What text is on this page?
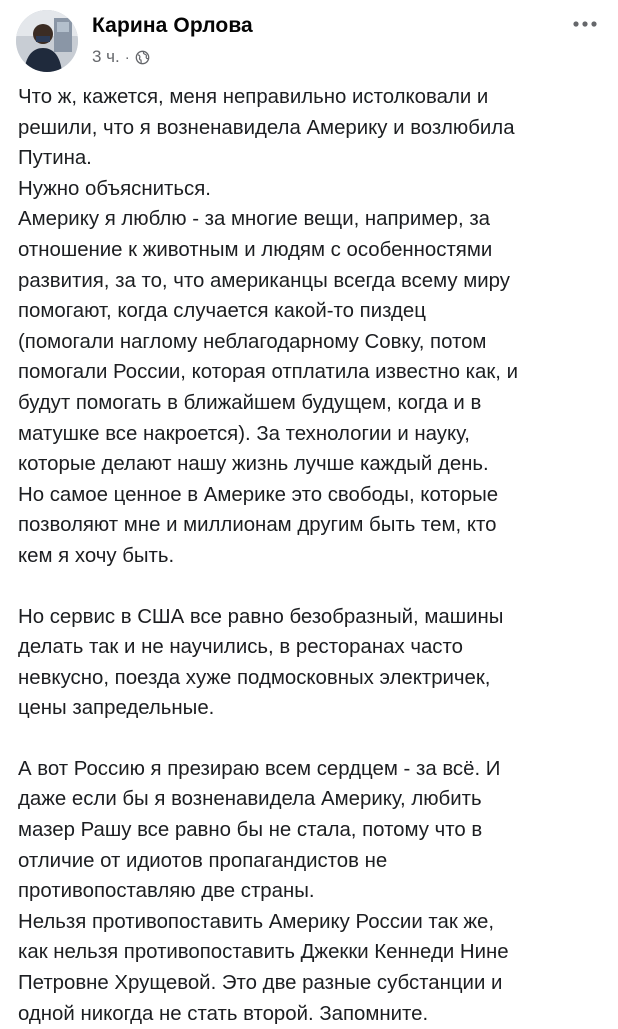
Карина Орлова
3 ч. ·

Что ж, кажется, меня неправильно истолковали и
решили, что я возненавидела Америку и возлюбила
Путина.
Нужно объясниться.
Америку я люблю - за многие вещи, например, за
отношение к животным и людям с особенностями
развития, за то, что американцы всегда всему миру
помогают, когда случается какой-то пиздец
(помогали наглому неблагодарному Совку, потом
помогали России, которая отплатила известно как, и
будут помогать в ближайшем будущем, когда и в
матушке все накроется). За технологии и науку,
которые делают нашу жизнь лучше каждый день.
Но самое ценное в Америке это свободы, которые
позволяют мне и миллионам другим быть тем, кто
кем я хочу быть.

Но сервис в США все равно безобразный, машины
делать так и не научились, в ресторанах часто
невкусно, поезда хуже подмосковных электричек,
цены запредельные.

А вот Россию я презираю всем сердцем - за всё. И
даже если бы я возненавидела Америку, любить
мазер Рашу все равно бы не стала, потому что в
отличие от идиотов пропагандистов не
противопоставляю две страны.
Нельзя противопоставить Америку России так же,
как нельзя противопоставить Джекки Кеннеди Нине
Петровне Хрущевой. Это две разные субстанции и
одной никогда не стать второй. Запомните.
